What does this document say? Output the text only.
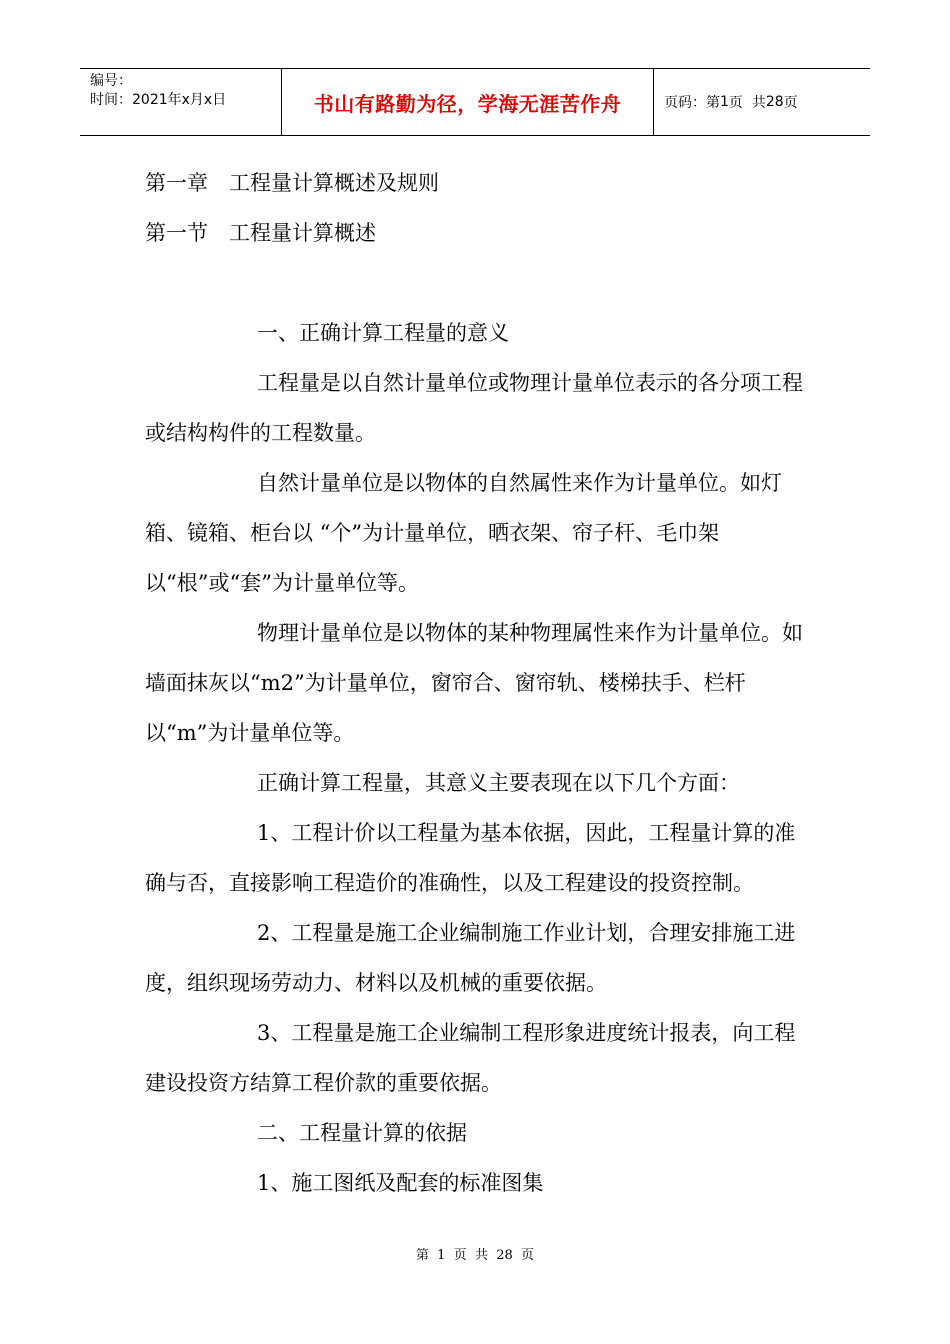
编号：
时间：2021年x月x日	书山有路勤为径，学海无涯苦作舟	页码：第 1 页  共 28 页

第一章　工程量计算概述及规则

第一节　工程量计算概述

一、正确计算工程量的意义

工程量是以自然计量单位或物理计量单位表示的各分项工程或结构构件的工程数量。

自然计量单位是以物体的自然属性来作为计量单位。如灯箱、镜箱、柜台以 “个”为计量单位，晒衣架、帘子杆、毛巾架以“根”或“套”为计量单位等。

物理计量单位是以物体的某种物理属性来作为计量单位。如墙面抹灰以“m2”为计量单位，窗帘合、窗帘轨、楼梯扶手、栏杆以“m”为计量单位等。

正确计算工程量，其意义主要表现在以下几个方面：

1、工程计价以工程量为基本依据，因此，工程量计算的准确与否，直接影响工程造价的准确性，以及工程建设的投资控制。

2、工程量是施工企业编制施工作业计划，合理安排施工进度，组织现场劳动力、材料以及机械的重要依据。

3、工程量是施工企业编制工程形象进度统计报表，向工程建设投资方结算工程价款的重要依据。

二、工程量计算的依据

1、施工图纸及配套的标准图集

第  1  页  共  28  页
